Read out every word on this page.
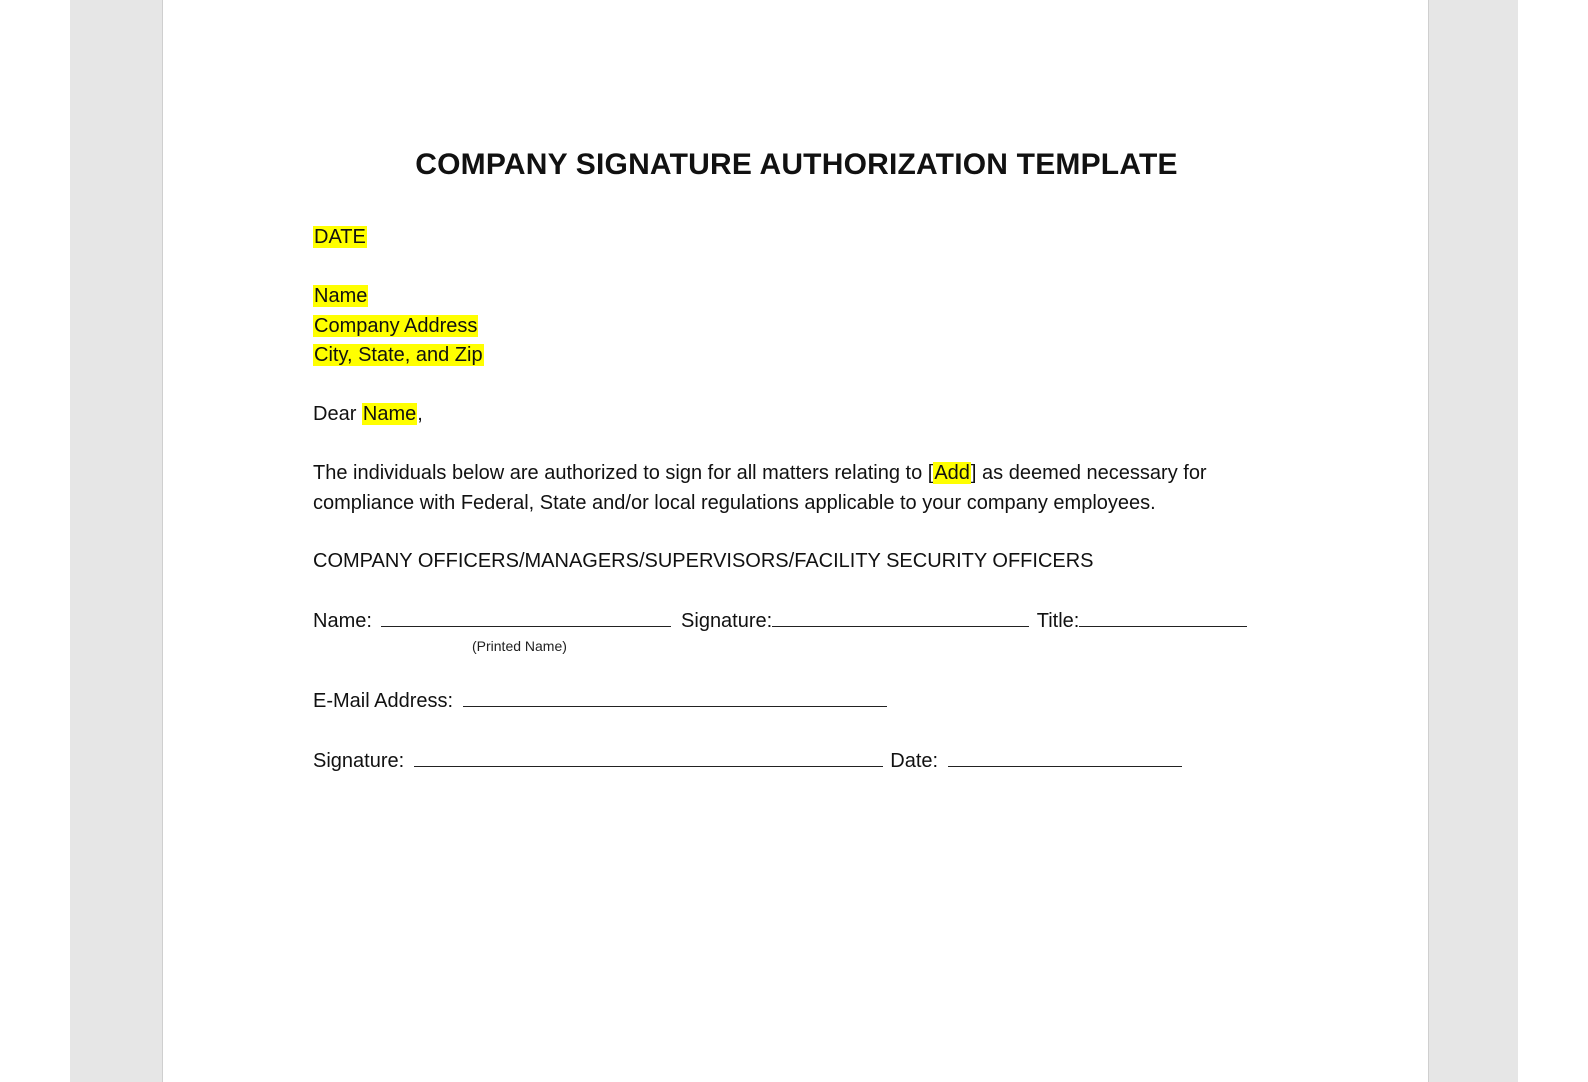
COMPANY SIGNATURE AUTHORIZATION TEMPLATE
DATE
Name
Company Address
City, State, and Zip
Dear Name,
The individuals below are authorized to sign for all matters relating to [Add] as deemed necessary for
compliance with Federal, State and/or local regulations applicable to your company employees.
COMPANY OFFICERS/MANAGERS/SUPERVISORS/FACILITY SECURITY OFFICERS
Name:	Signature:	Title:
(Printed Name)
E-Mail Address:
Signature:	Date:
